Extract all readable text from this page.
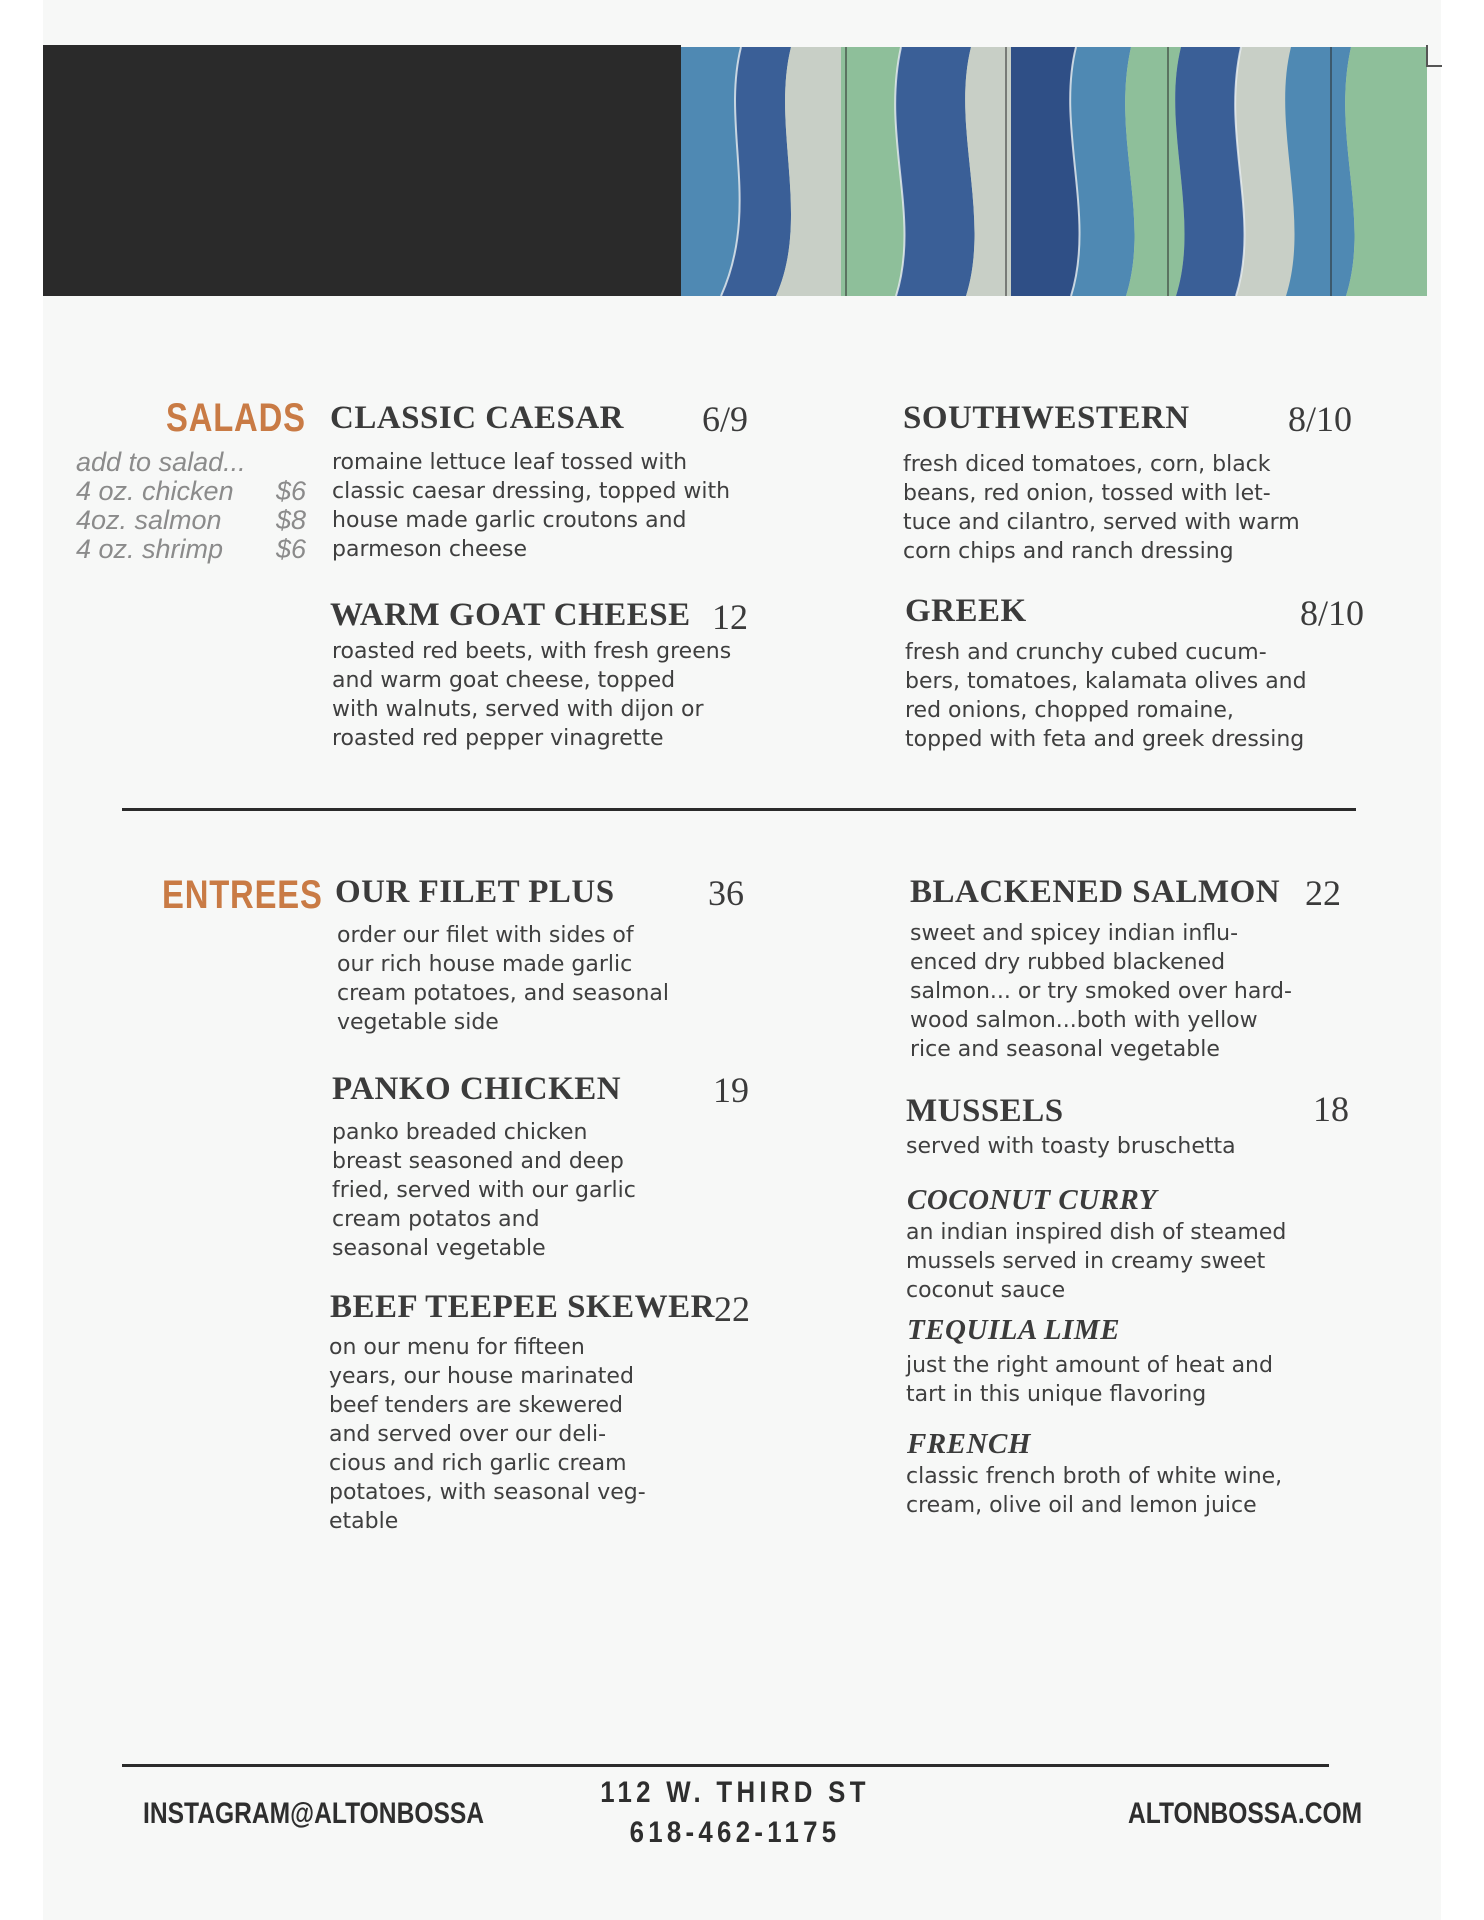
SALADS
add to salad...
4 oz. chicken $6
4oz. salmon $8
4 oz. shrimp $6
CLASSIC CAESAR 6/9

romaine lettuce leaf tossed with
classic caesar dressing, topped with
house made garlic croutons and
parmeson cheese

WARM GOAT CHEESE 12

roasted red beets, with fresh greens
and warm goat cheese, topped
with walnuts, served with dijon or
roasted red pepper vinagrette

SOUTHWESTERN	8/10

fresh diced tomatoes, corn, black
beans, red onion, tossed with let-
tuce and cilantro, served with warm
corn chips and ranch dressing

GREEK	8/10

fresh and crunchy cubed cucum-
bers, tomatoes, kalamata olives and
red onions, chopped romaine,
topped with feta and greek dressing

ENTREES OUR FILET PLUS	36

order our filet with sides of
our rich house made garlic
cream potatoes, and seasonal
vegetable side

PANKO CHICKEN	19

panko breaded chicken
breast seasoned and deep
fried, served with our garlic
cream potatos and
seasonal vegetable

BEEF TEEPEE SKEWER 22

on our menu for fifteen
years, our house marinated
beef tenders are skewered
and served over our deli-
cious and rich garlic cream
potatoes, with seasonal veg-
etable

BLACKENED SALMON 22

sweet and spicey indian influ-
enced dry rubbed blackened
salmon... or try smoked over hard-
wood salmon...both with yellow
rice and seasonal vegetable

MUSSELS	18

served with toasty bruschetta

COCONUT CURRY

an indian inspired dish of steamed
mussels served in creamy sweet
coconut sauce

TEQUILA LIME

just the right amount of heat and
tart in this unique flavoring

FRENCH

classic french broth of white wine,
cream, olive oil and lemon juice

INSTAGRAM@ALTONBOSSA
112 W. THIRD ST
618-462-1175
ALTONBOSSA.COM
